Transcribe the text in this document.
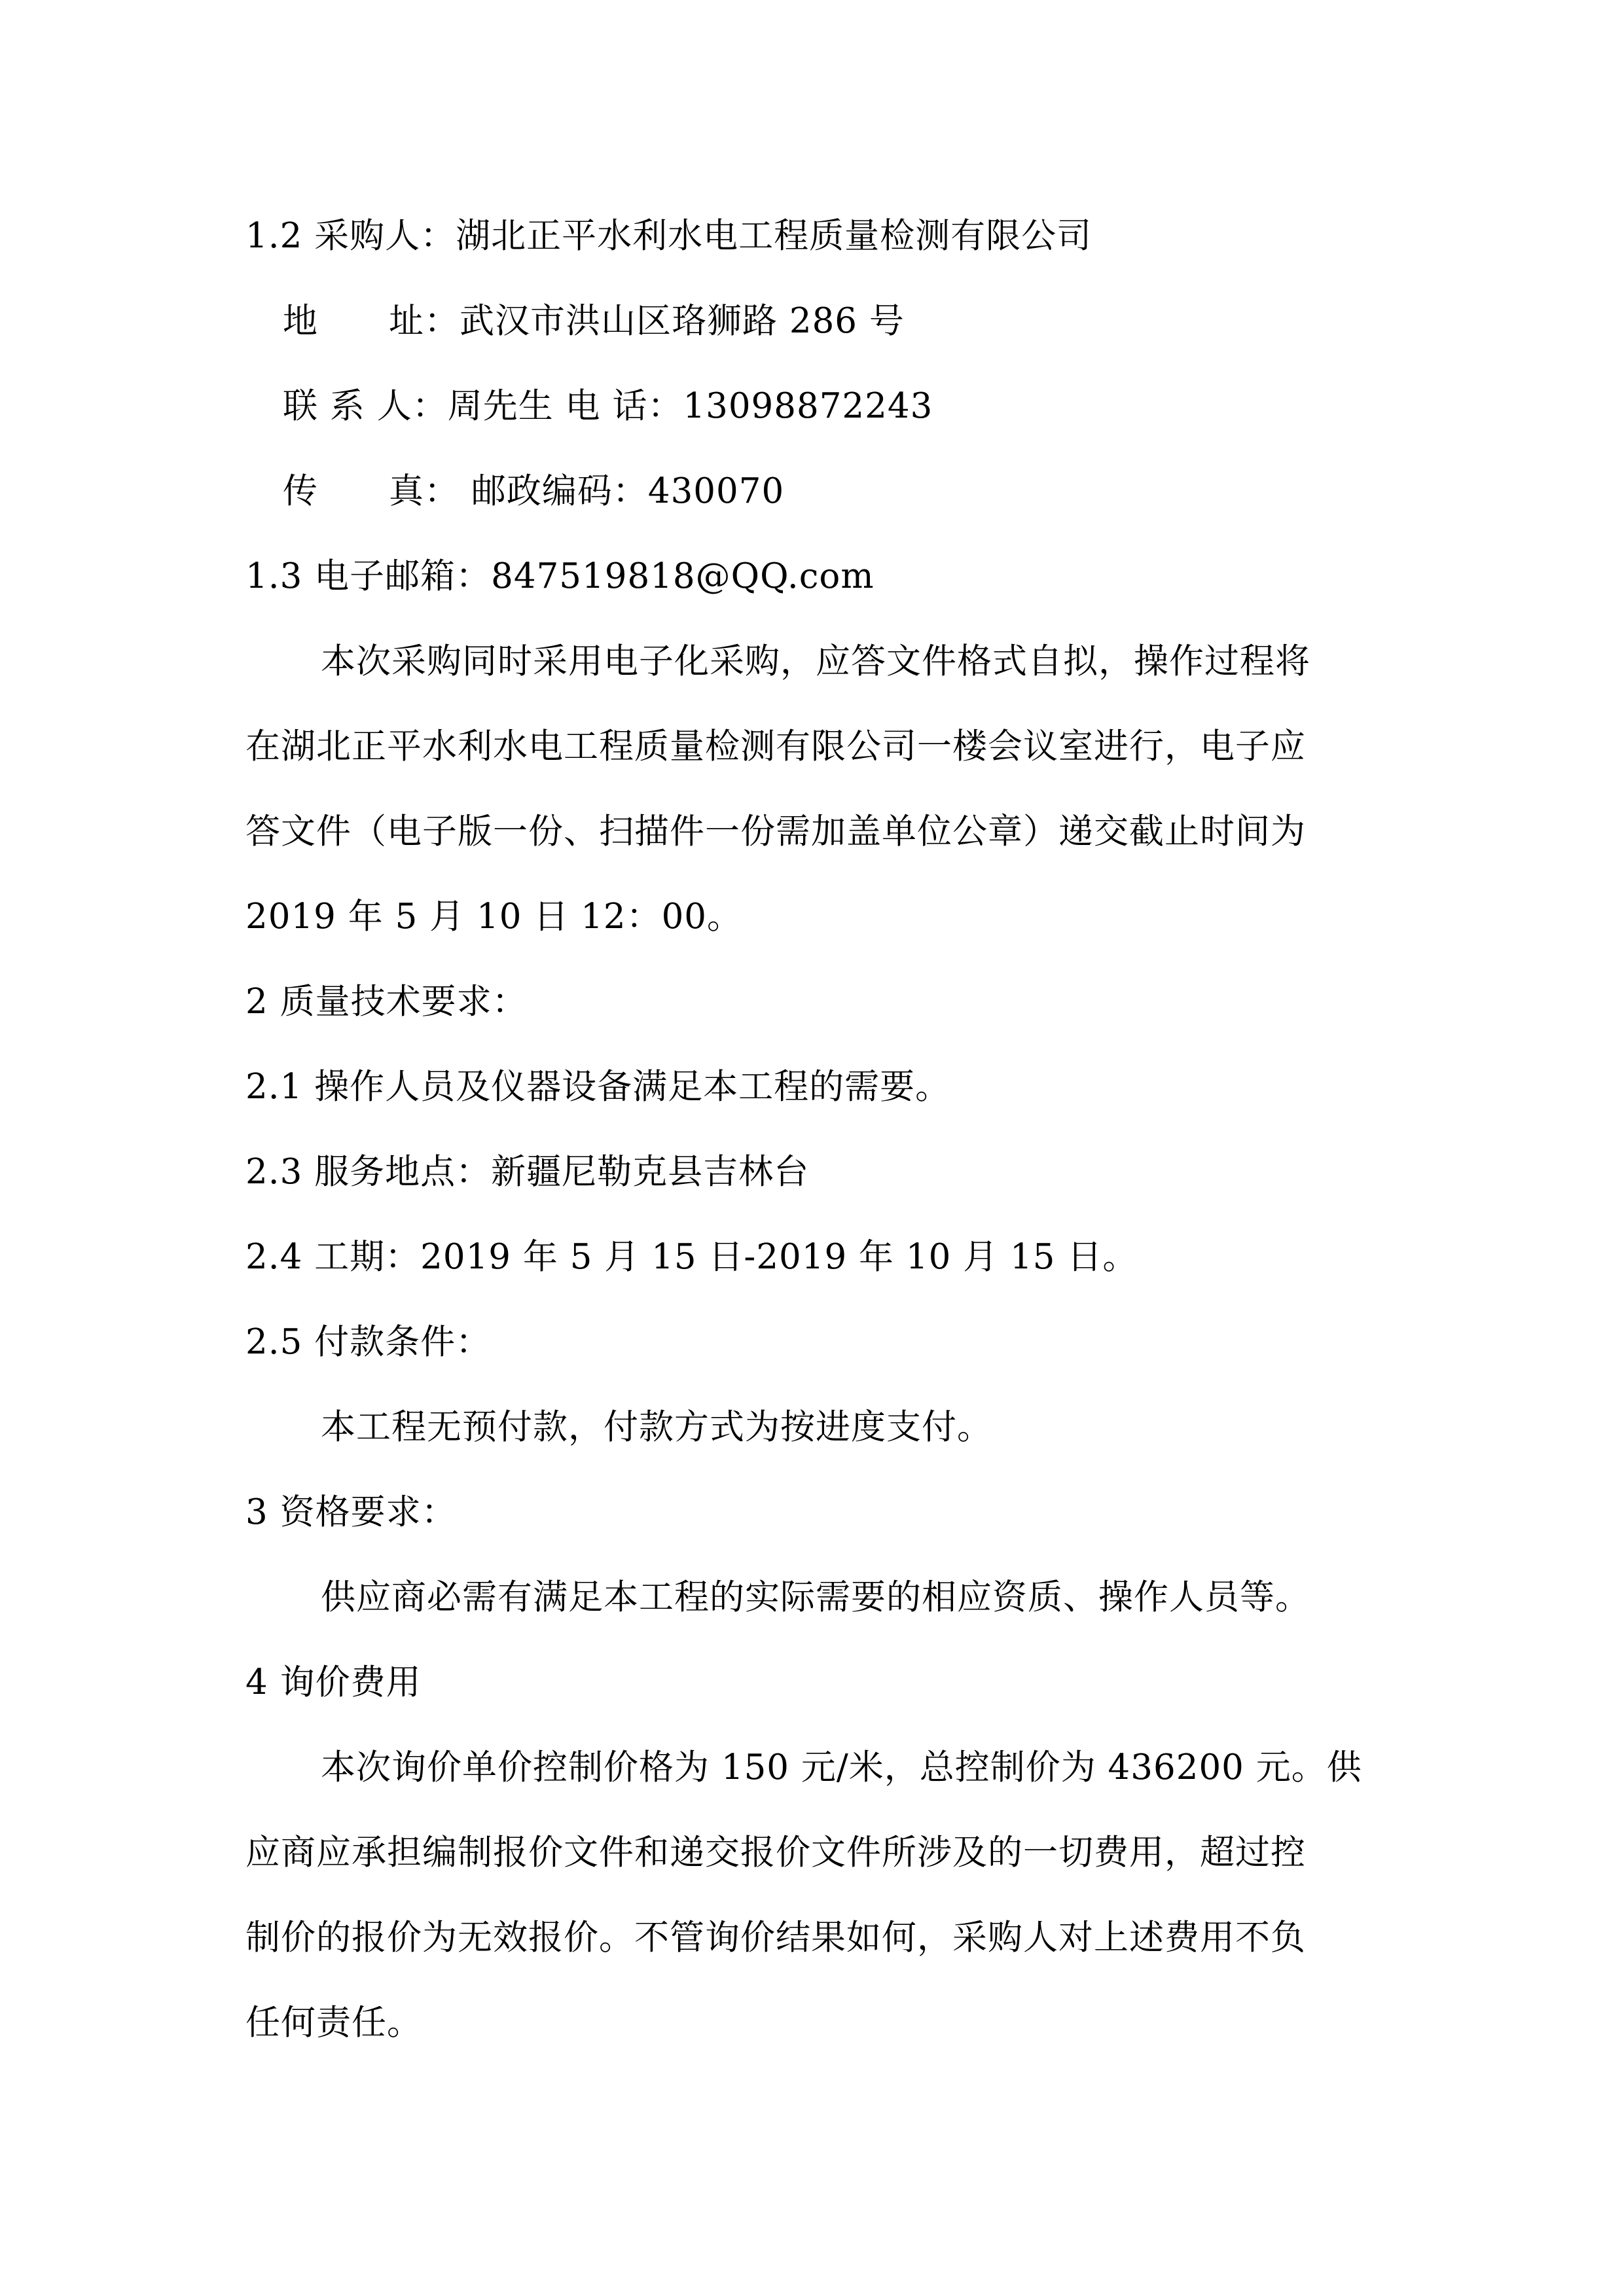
1.2 采购人：湖北正平水利水电工程质量检测有限公司
地　　址：武汉市洪山区珞狮路 286 号
联 系 人：周先生 电 话：13098872243
传　　真： 邮政编码：430070
1.3 电子邮箱：847519818@QQ.com
本次采购同时采用电子化采购，应答文件格式自拟，操作过程将
在湖北正平水利水电工程质量检测有限公司一楼会议室进行，电子应
答文件（电子版一份、扫描件一份需加盖单位公章）递交截止时间为
2019 年 5 月 10 日 12：00。
2 质量技术要求：
2.1 操作人员及仪器设备满足本工程的需要。
2.3 服务地点：新疆尼勒克县吉林台
2.4 工期：2019 年 5 月 15 日-2019 年 10 月 15 日。
2.5 付款条件：
本工程无预付款，付款方式为按进度支付。
3 资格要求：
供应商必需有满足本工程的实际需要的相应资质、操作人员等。
4 询价费用
本次询价单价控制价格为 150 元/米，总控制价为 436200 元。供
应商应承担编制报价文件和递交报价文件所涉及的一切费用，超过控
制价的报价为无效报价。不管询价结果如何，采购人对上述费用不负
任何责任。
